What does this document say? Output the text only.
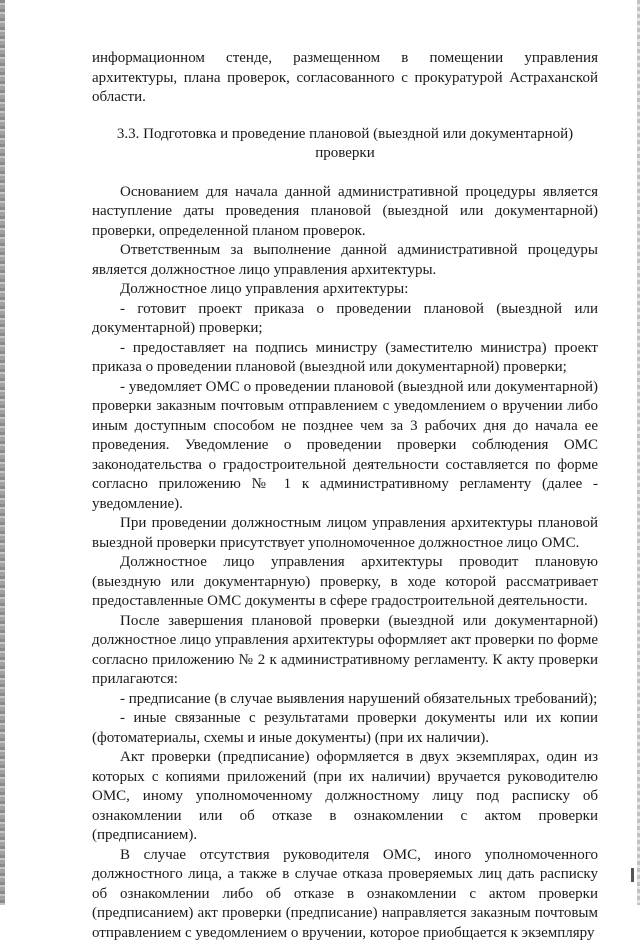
информационном стенде, размещенном в помещении управления архитектуры, плана проверок, согласованного с прокуратурой Астраханской области.

3.3. Подготовка и проведение плановой (выездной или документарной) проверки

Основанием для начала данной административной процедуры является наступление даты проведения плановой (выездной или документарной) проверки, определенной планом проверок.

Ответственным за выполнение данной административной процедуры является должностное лицо управления архитектуры.

Должностное лицо управления архитектуры:

- готовит проект приказа о проведении плановой (выездной или документарной) проверки;

- предоставляет на подпись министру (заместителю министра) проект приказа о проведении плановой (выездной или документарной) проверки;

- уведомляет ОМС о проведении плановой (выездной или документарной) проверки заказным почтовым отправлением с уведомлением о вручении либо иным доступным способом не позднее чем за 3 рабочих дня до начала ее проведения. Уведомление о проведении проверки соблюдения ОМС законодательства о градостроительной деятельности составляется по форме согласно приложению № 1 к административному регламенту (далее - уведомление).

При проведении должностным лицом управления архитектуры плановой выездной проверки присутствует уполномоченное должностное лицо ОМС.

Должностное лицо управления архитектуры проводит плановую (выездную или документарную) проверку, в ходе которой рассматривает предоставленные ОМС документы в сфере градостроительной деятельности.

После завершения плановой проверки (выездной или документарной) должностное лицо управления архитектуры оформляет акт проверки по форме согласно приложению № 2 к административному регламенту. К акту проверки прилагаются:

- предписание (в случае выявления нарушений обязательных требований);

- иные связанные с результатами проверки документы или их копии (фотоматериалы, схемы и иные документы) (при их наличии).

Акт проверки (предписание) оформляется в двух экземплярах, один из которых с копиями приложений (при их наличии) вручается руководителю ОМС, иному уполномоченному должностному лицу под расписку об ознакомлении или об отказе в ознакомлении с актом проверки (предписанием).

В случае отсутствия руководителя ОМС, иного уполномоченного должностного лица, а также в случае отказа проверяемых лиц дать расписку об ознакомлении либо об отказе в ознакомлении с актом проверки (предписанием) акт проверки (предписание) направляется заказным почтовым отправлением с уведомлением о вручении, которое приобщается к экземпляру
